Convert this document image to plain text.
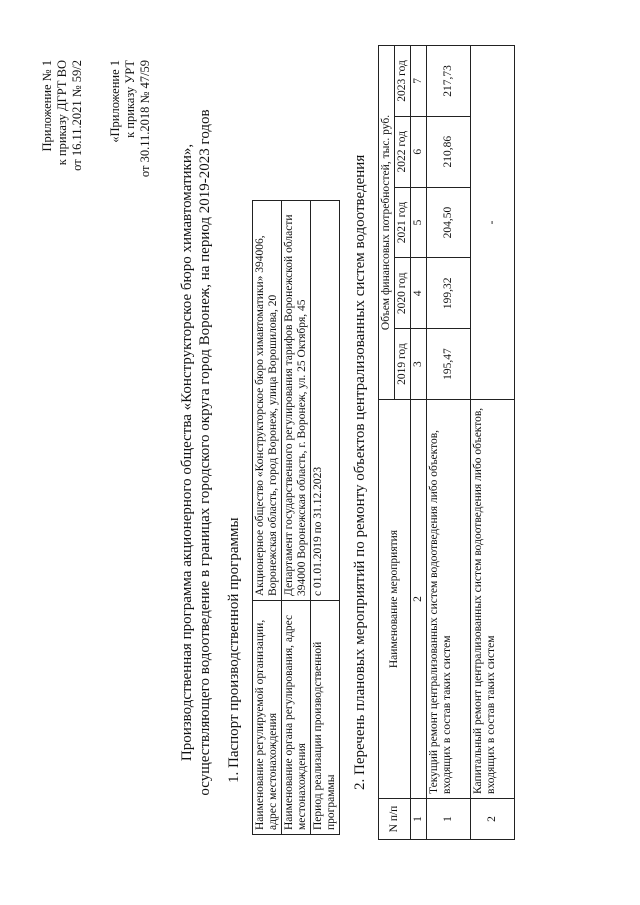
Приложение № 1 к приказу ДГРТ ВО от 16.11.2021 № 59/2 «Приложение 1 к приказу УРТ от 30.11.2018 № 47/59
Производственная программа акционерного общества «Конструкторское бюро химавтоматики», осуществляющего водоотведение в границах городского округа город Воронеж, на период 2019-2023 годов 1. Паспорт производственной программы Наименование регулируемой организации, адрес местонахождения	Акционерное общество «Конструкторское бюро химавтоматики» 394006, Воронежская область, город Воронеж, улица Ворошилова, 20
Наименование органа регулирования, адрес местонахождения	Департамент государственного регулирования тарифов Воронежской области 394000 Воронежская область, г. Воронеж, ул. 25 Октября, 45
Период реализации производственной программы	с 01.01.2019 по 31.12.2023 2. Перечень плановых мероприятий по ремонту объектов централизованных систем водоотведения
N п/п	Наименование мероприятия	Объем финансовых потребностей, тыс. руб.				
		2019 год	2020 год	2021 год	2022 год	2023 год
1	2	3	4	5	6	7
1	Текущий ремонт централизованных систем водоотведения либо объектов, входящих в состав таких систем	195,47	199,32	204,50	210,86	217,73
2	Капитальный ремонт централизованных систем водоотведения либо объектов, входящих в состав таких систем	-				
